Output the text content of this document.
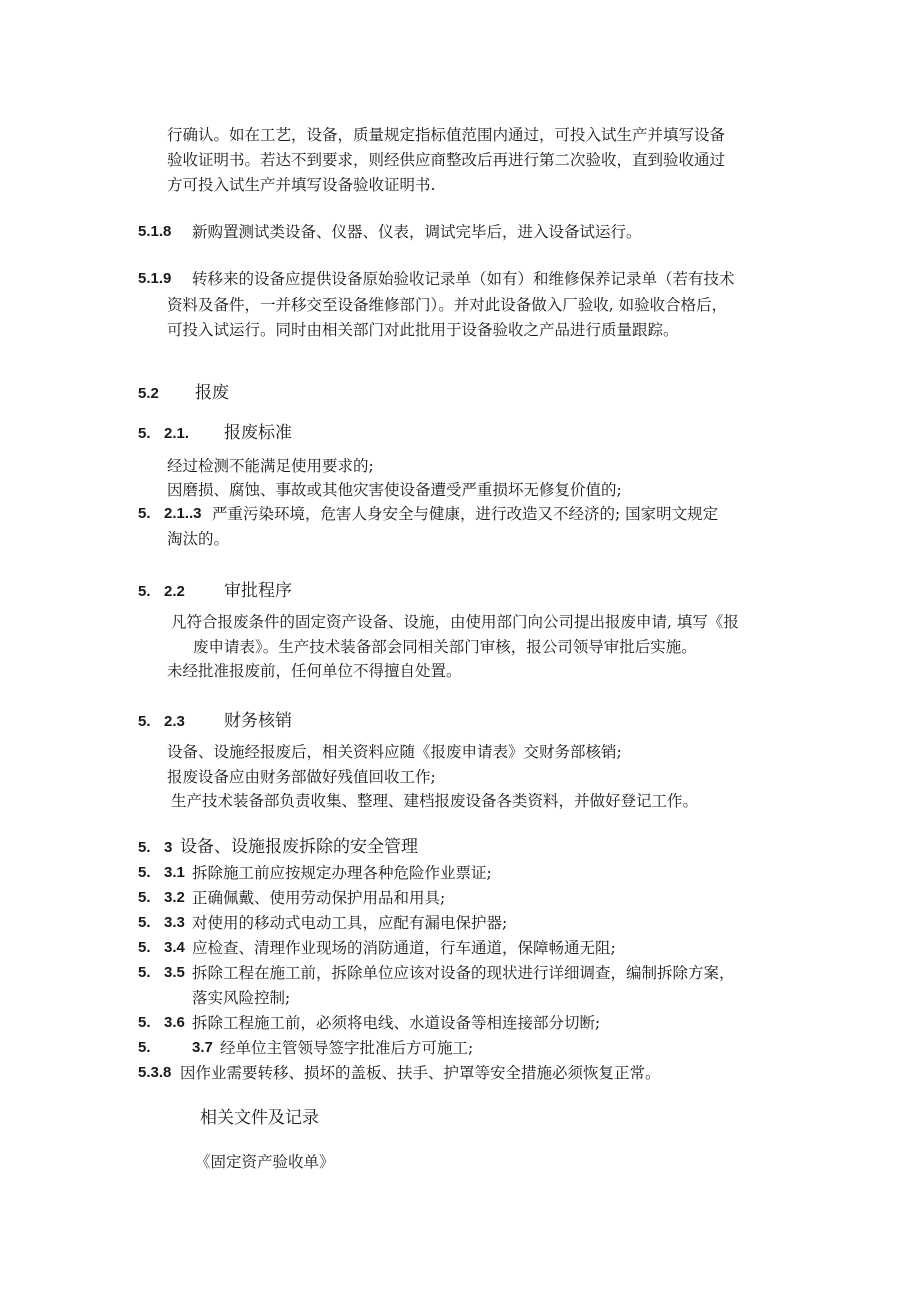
行确认。如在工艺，设备，质量规定指标值范围内通过，可投入试生产并填写设备
验收证明书。若达不到要求，则经供应商整改后再进行第二次验收，直到验收通过
方可投入试生产并填写设备验收证明书.
5.1.8 新购置测试类设备、仪器、仪表，调试完毕后，进入设备试运行。
5.1.9 转移来的设备应提供设备原始验收记录单（如有）和维修保养记录单（若有技术
资料及备件，一并移交至设备维修部门）。并对此设备做入厂验收, 如验收合格后，
可投入试运行。同时由相关部门对此批用于设备验收之产品进行质量跟踪。
5.2 报废
5. 2.1. 报废标准
经过检测不能满足使用要求的;
因磨损、腐蚀、事故或其他灾害使设备遭受严重损坏无修复价值的;
5. 2.1..3 严重污染环境，危害人身安全与健康，进行改造又不经济的; 国家明文规定
淘汰的。
5. 2.2 审批程序
凡符合报废条件的固定资产设备、设施，由使用部门向公司提出报废申请, 填写《报
废申请表》。生产技术装备部会同相关部门审核，报公司领导审批后实施。
未经批准报废前，任何单位不得擅自处置。
5. 2.3 财务核销
设备、设施经报废后，相关资料应随《报废申请表》交财务部核销;
报废设备应由财务部做好残值回收工作;
生产技术装备部负责收集、整理、建档报废设备各类资料，并做好登记工作。
5. 3 设备、设施报废拆除的安全管理
5. 3.1 拆除施工前应按规定办理各种危险作业票证;
5. 3.2 正确佩戴、使用劳动保护用品和用具;
5. 3.3 对使用的移动式电动工具，应配有漏电保护器;
5. 3.4 应检查、清理作业现场的消防通道，行车通道，保障畅通无阻;
5. 3.5 拆除工程在施工前，拆除单位应该对设备的现状进行详细调查，编制拆除方案，
落实风险控制;
5. 3.6 拆除工程施工前，必须将电线、水道设备等相连接部分切断;
5.	3.7 经单位主管领导签字批准后方可施工;
5.3.8 因作业需要转移、损坏的盖板、扶手、护罩等安全措施必须恢复正常。
相关文件及记录
《固定资产验收单》
